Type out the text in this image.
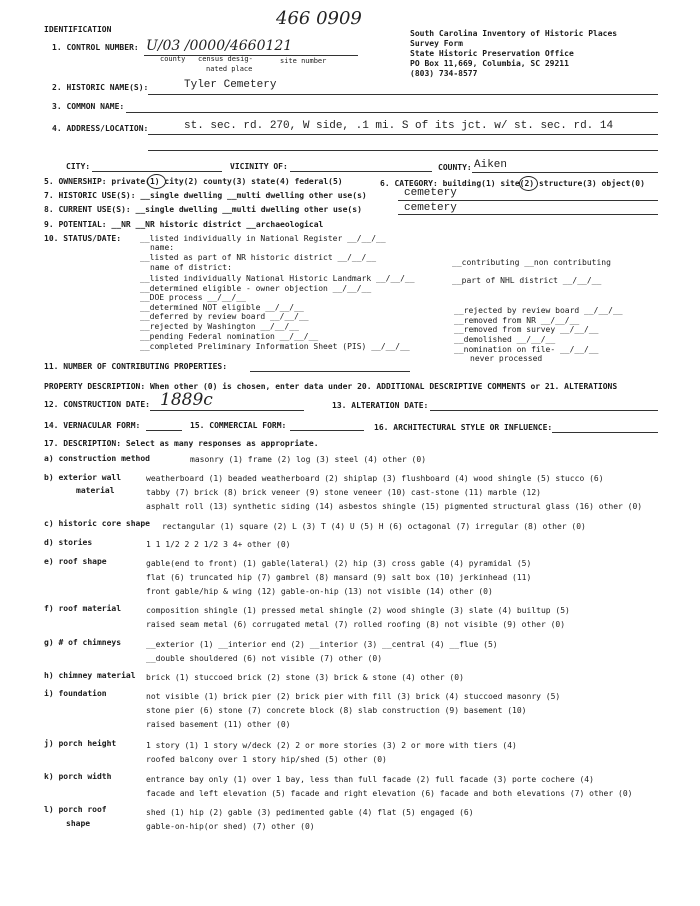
IDENTIFICATION
466 0909
South Carolina Inventory of Historic Places
Survey Form
State Historic Preservation Office
PO Box 11,669, Columbia, SC 29211
(803) 734-8577
1. CONTROL NUMBER: U/03 /0000/4660121
county census desig-	site number
nated place
2. HISTORIC NAME(S):	Tyler Cemetery
3. COMMON NAME:
4. ADDRESS/LOCATION:	st. sec. rd. 270, W side, .1 mi. S of its jct. w/ st. sec. rd. 14
CITY:	VICINITY OF:	COUNTY: Aiken
5. OWNERSHIP: private(1) city(2) county(3) state(4) federal(5)	6. CATEGORY: building(1) site(2) structure(3) object(0)
7. HISTORIC USE(S): __single dwelling __multi dwelling other use(s)	cemetery
8. CURRENT USE(S): __single dwelling __multi dwelling other use(s)	cemetery
9. POTENTIAL: __NR __NR historic district __archaeological
10. STATUS/DATE: __listed individually in National Register __/__/__
name:
__listed as part of NR historic district __/__/__
__contributing __non contributing
name of district:
__listed individually National Historic Landmark __/__/__	__part of NHL district __/__/__
__determined eligible - owner objection __/__/__
__DOE process __/__/__
__determined NOT eligible __/__/__
__deferred by review board __/__/__
__rejected by Washington __/__/__
__pending Federal nomination __/__/__
__completed Preliminary Information Sheet (PIS) __/__/__
__rejected by review board __/__/__
__removed from NR __/__/__
__removed from survey __/__/__
__demolished __/__/__
__nomination on file- __/__/__
never processed
11. NUMBER OF CONTRIBUTING PROPERTIES:
PROPERTY DESCRIPTION: When other (0) is chosen, enter data under 20. ADDITIONAL DESCRIPTIVE COMMENTS or 21. ALTERATIONS
12. CONSTRUCTION DATE: 1889c	13. ALTERATION DATE:
14. VERNACULAR FORM:	15. COMMERCIAL FORM:	16. ARCHITECTURAL STYLE OR INFLUENCE:
17. DESCRIPTION: Select as many responses as appropriate.
a) construction method	masonry (1) frame (2) log (3) steel (4) other (0)
b) exterior wall
material
weatherboard (1) beaded weatherboard (2) shiplap (3) flushboard (4) wood shingle (5) stucco (6)
tabby (7) brick (8) brick veneer (9) stone veneer (10) cast-stone (11) marble (12)
asphalt roll (13) synthetic siding (14) asbestos shingle (15) pigmented structural glass (16) other (0)
c) historic core shape rectangular (1) square (2) L (3) T (4) U (5) H (6) octagonal (7) irregular (8) other (0)
d) stories	1 1 1/2 2 2 1/2 3 4+ other (0)
e) roof shape	gable(end to front) (1) gable(lateral) (2) hip (3) cross gable (4) pyramidal (5)
flat (6) truncated hip (7) gambrel (8) mansard (9) salt box (10) jerkinhead (11)
front gable/hip & wing (12) gable-on-hip (13) not visible (14) other (0)
f) roof material	composition shingle (1) pressed metal shingle (2) wood shingle (3) slate (4) builtup (5)
raised seam metal (6) corrugated metal (7) rolled roofing (8) not visible (9) other (0)
g) # of chimneys	__exterior (1) __interior end (2) __interior (3) __central (4) __flue (5)
__double shouldered (6) not visible (7) other (0)
h) chimney material brick (1) stuccoed brick (2) stone (3) brick & stone (4) other (0)
i) foundation	not visible (1) brick pier (2) brick pier with fill (3) brick (4) stuccoed masonry (5)
stone pier (6) stone (7) concrete block (8) slab construction (9) basement (10)
raised basement (11) other (0)
j) porch height	1 story (1) 1 story w/deck (2) 2 or more stories (3) 2 or more with tiers (4)
roofed balcony over 1 story hip/shed (5) other (0)
k) porch width	entrance bay only (1) over 1 bay, less than full facade (2) full facade (3) porte cochere (4)
facade and left elevation (5) facade and right elevation (6) facade and both elevations (7) other (0)
l) porch roof
shape
shed (1) hip (2) gable (3) pedimented gable (4) flat (5) engaged (6)
gable-on-hip(or shed) (7) other (0)
